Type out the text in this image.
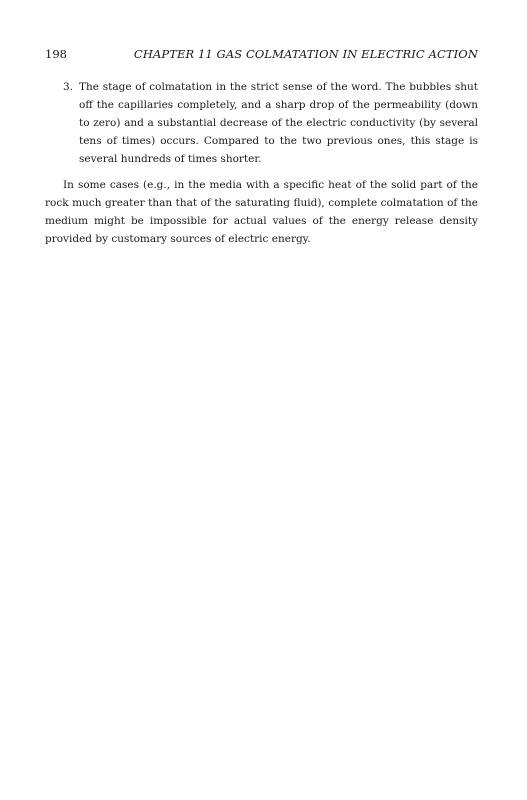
198	CHAPTER 11 GAS COLMATATION IN ELECTRIC ACTION
3. The stage of colmatation in the strict sense of the word. The bubbles shut off the capillaries completely, and a sharp drop of the permeability (down to zero) and a substantial decrease of the electric conductivity (by several tens of times) occurs. Compared to the two previous ones, this stage is several hundreds of times shorter.

In some cases (e.g., in the media with a specific heat of the solid part of the rock much greater than that of the saturating fluid), complete colmatation of the medium might be impossible for actual values of the energy release density provided by customary sources of electric energy.
